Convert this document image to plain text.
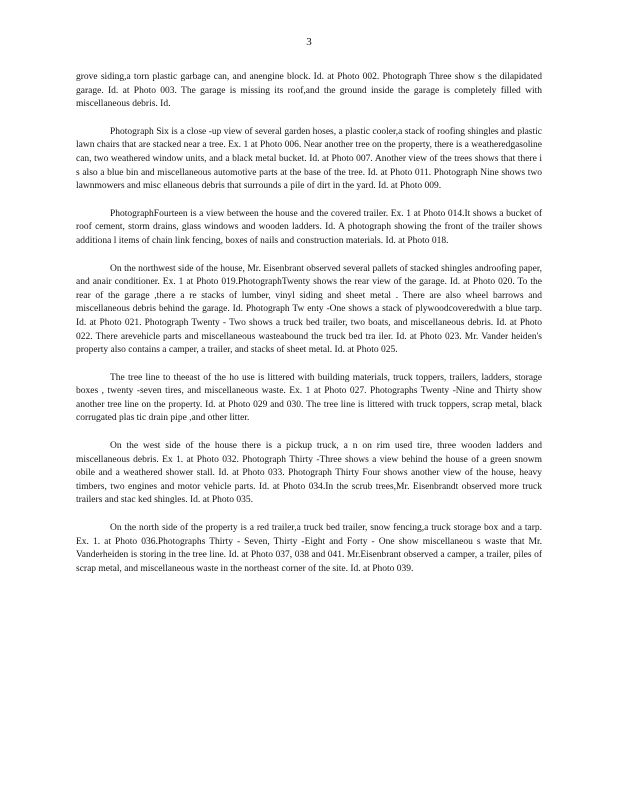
3

grove siding,a torn plastic garbage can, and anengine block. Id. at Photo 002. Photograph Three show s the dilapidated garage. Id. at Photo 003. The garage is missing its roof,and the ground inside the garage is completely filled with miscellaneous debris. Id.

Photograph Six is a close -up view of several garden hoses, a plastic cooler,a stack of roofing shingles and plastic lawn chairs that are stacked near a tree. Ex. 1 at Photo 006. Near another tree on the property, there is a weatheredgasoline can, two weathered window units, and a black metal bucket. Id. at Photo 007. Another view of the trees shows that there i s also a blue bin and miscellaneous automotive parts at the base of the tree. Id. at Photo 011. Photograph Nine shows two lawnmowers and misc ellaneous debris that surrounds a pile of dirt in the yard. Id. at Photo 009.

PhotographFourteen is a view between the house and the covered trailer. Ex. 1 at Photo 014.It shows a bucket of roof cement, storm drains, glass windows and wooden ladders. Id. A photograph showing the front of the trailer shows additiona l items of chain link fencing, boxes of nails and construction materials. Id. at Photo 018.

On the northwest side of the house, Mr. Eisenbrant observed several pallets of stacked shingles androofing paper, and anair conditioner. Ex. 1 at Photo 019.PhotographTwenty shows the rear view of the garage. Id. at Photo 020. To the rear of the garage ,there a re stacks of lumber, vinyl siding and sheet metal . There are also wheel barrows and miscellaneous debris behind the garage. Id. Photograph Tw enty -One shows a stack of plywoodcoveredwith a blue tarp. Id. at Photo 021. Photograph Twenty - Two shows a truck bed trailer, two boats, and miscellaneous debris. Id. at Photo 022. There arevehicle parts and miscellaneous wasteabound the truck bed tra iler. Id. at Photo 023. Mr. Vander heiden's property also contains a camper, a trailer, and stacks of sheet metal. Id. at Photo 025.

The tree line to theeast of the ho use is littered with building materials, truck toppers, trailers, ladders, storage boxes , twenty -seven tires, and miscellaneous waste. Ex. 1 at Photo 027. Photographs Twenty -Nine and Thirty show another tree line on the property. Id. at Photo 029 and 030. The tree line is littered with truck toppers, scrap metal, black corrugated plas tic drain pipe ,and other litter.

On the west side of the house there is a pickup truck, a n on rim used tire, three wooden ladders and miscellaneous debris. Ex 1. at Photo 032. Photograph Thirty -Three shows a view behind the house of a green snowm obile and a weathered shower stall. Id. at Photo 033. Photograph Thirty Four shows another view of the house, heavy timbers, two engines and motor vehicle parts. Id. at Photo 034.In the scrub trees,Mr. Eisenbrandt observed more truck trailers and stac ked shingles. Id. at Photo 035.

On the north side of the property is a red trailer,a truck bed trailer, snow fencing,a truck storage box and a tarp. Ex. 1. at Photo 036.Photographs Thirty - Seven, Thirty -Eight and Forty - One show miscellaneou s waste that Mr. Vanderheiden is storing in the tree line. Id. at Photo 037, 038 and 041. Mr.Eisenbrant observed a camper, a trailer, piles of scrap metal, and miscellaneous waste in the northeast corner of the site. Id. at Photo 039.
